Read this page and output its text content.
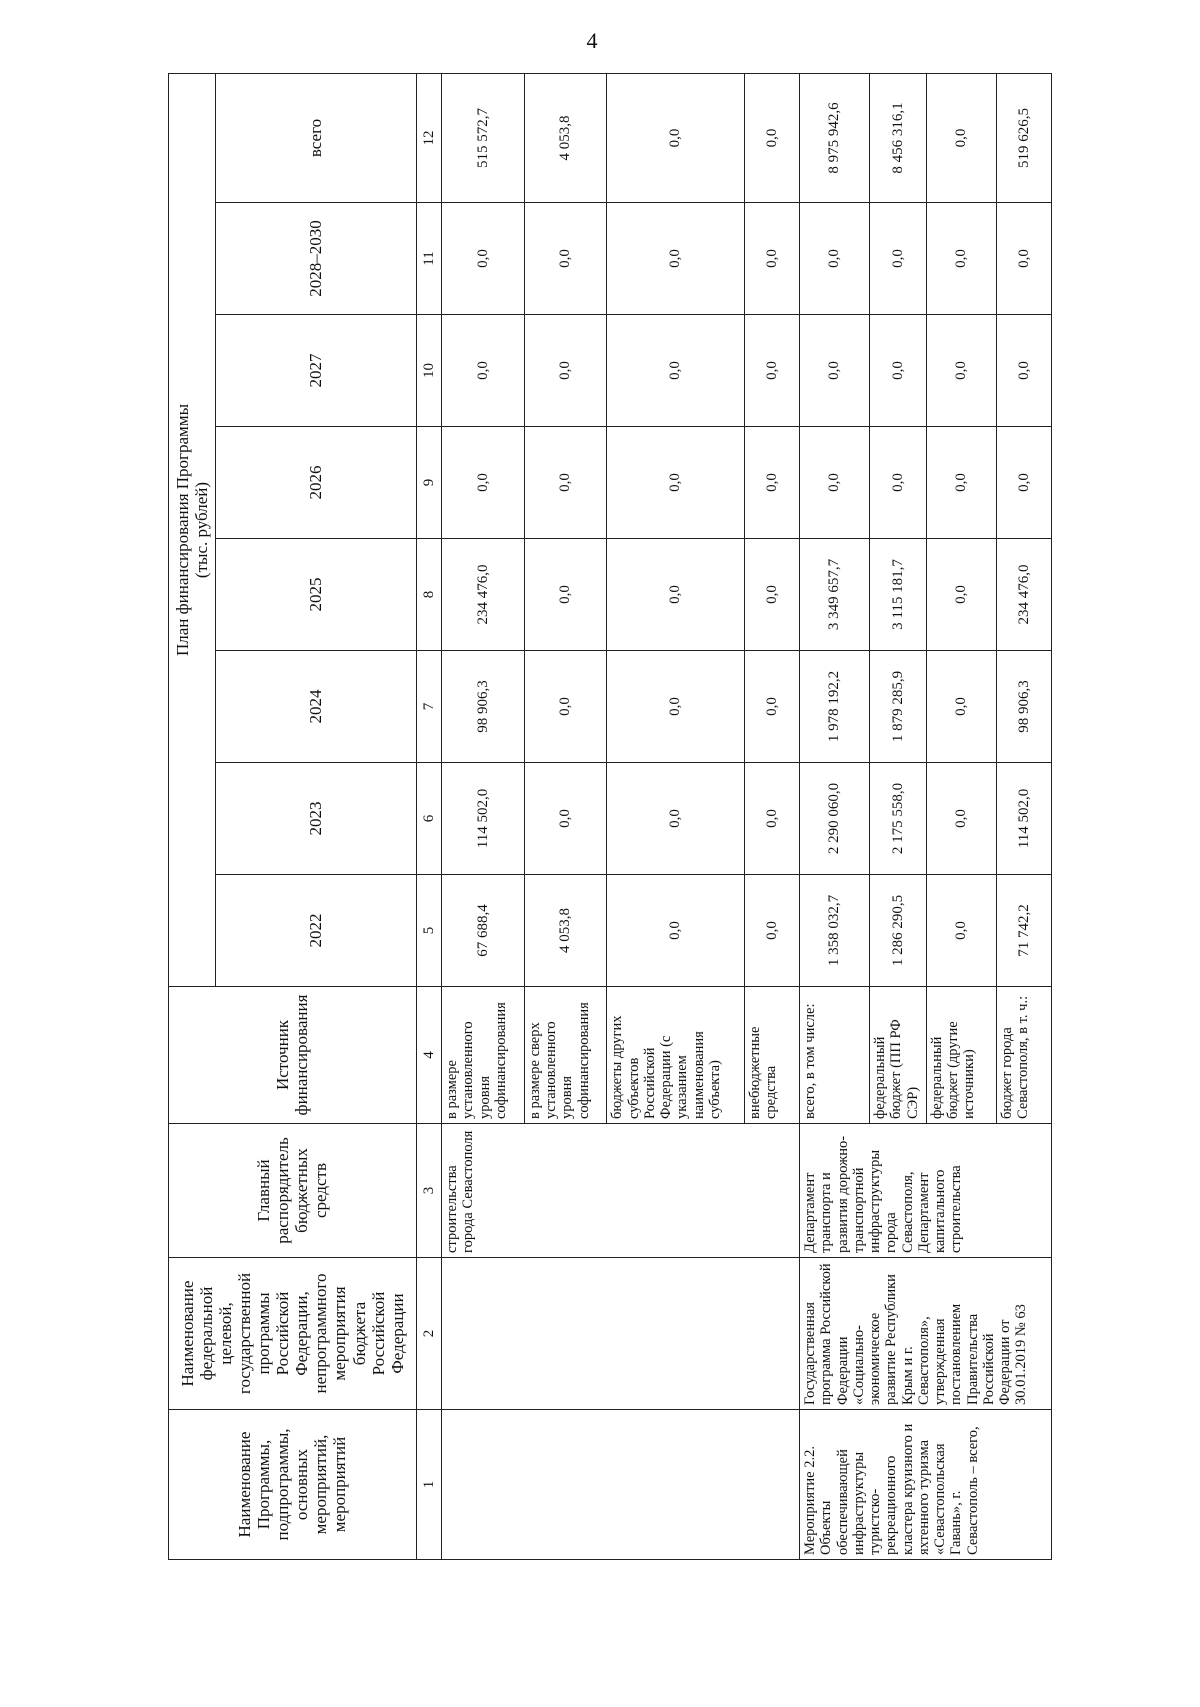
4
Наименование Программы, подпрограммы, основных мероприятий, мероприятий	Наименование федеральной целевой, государственной программы Российской Федерации, непрограммного мероприятия бюджета Российской Федерации	Главный распорядитель бюджетных средств	Источник финансирования	План финансирования Программы
(тыс. рублей)							
				2022	2023	2024	2025	2026	2027	2028–2030	всего
1	2	3	4	5	6	7	8	9	10	11	12
		строительства города Севастополя	в размере установленного уровня софинансирования	67 688,4	114 502,0	98 906,3	234 476,0	0,0	0,0	0,0	515 572,7
			в размере сверх установленного уровня софинансирования	4 053,8	0,0	0,0	0,0	0,0	0,0	0,0	4 053,8
			бюджеты других субъектов Российской Федерации (с указанием наименования субъекта)	0,0	0,0	0,0	0,0	0,0	0,0	0,0	0,0
			внебюджетные средства	0,0	0,0	0,0	0,0	0,0	0,0	0,0	0,0
Мероприятие 2.2. Объекты обеспечивающей инфраструктуры туристско-рекреационного кластера круизного и яхтенного туризма «Севастопольская Гавань», г. Севастополь – всего,	Государственная программа Российской Федерации «Социально-экономическое развитие Республики Крым и г. Севастополя», утвержденная постановлением Правительства Российской Федерации от 30.01.2019 № 63	Департамент транспорта и развития дорожно-транспортной инфраструктуры города Севастополя, Департамент капитального строительства	всего, в том числе:	1 358 032,7	2 290 060,0	1 978 192,2	3 349 657,7	0,0	0,0	0,0	8 975 942,6
			федеральный бюджет (ПП РФ СЭР)	1 286 290,5	2 175 558,0	1 879 285,9	3 115 181,7	0,0	0,0	0,0	8 456 316,1
			федеральный бюджет (другие источники)	0,0	0,0	0,0	0,0	0,0	0,0	0,0	0,0
			бюджет города Севастополя, в т. ч.:	71 742,2	114 502,0	98 906,3	234 476,0	0,0	0,0	0,0	519 626,5
